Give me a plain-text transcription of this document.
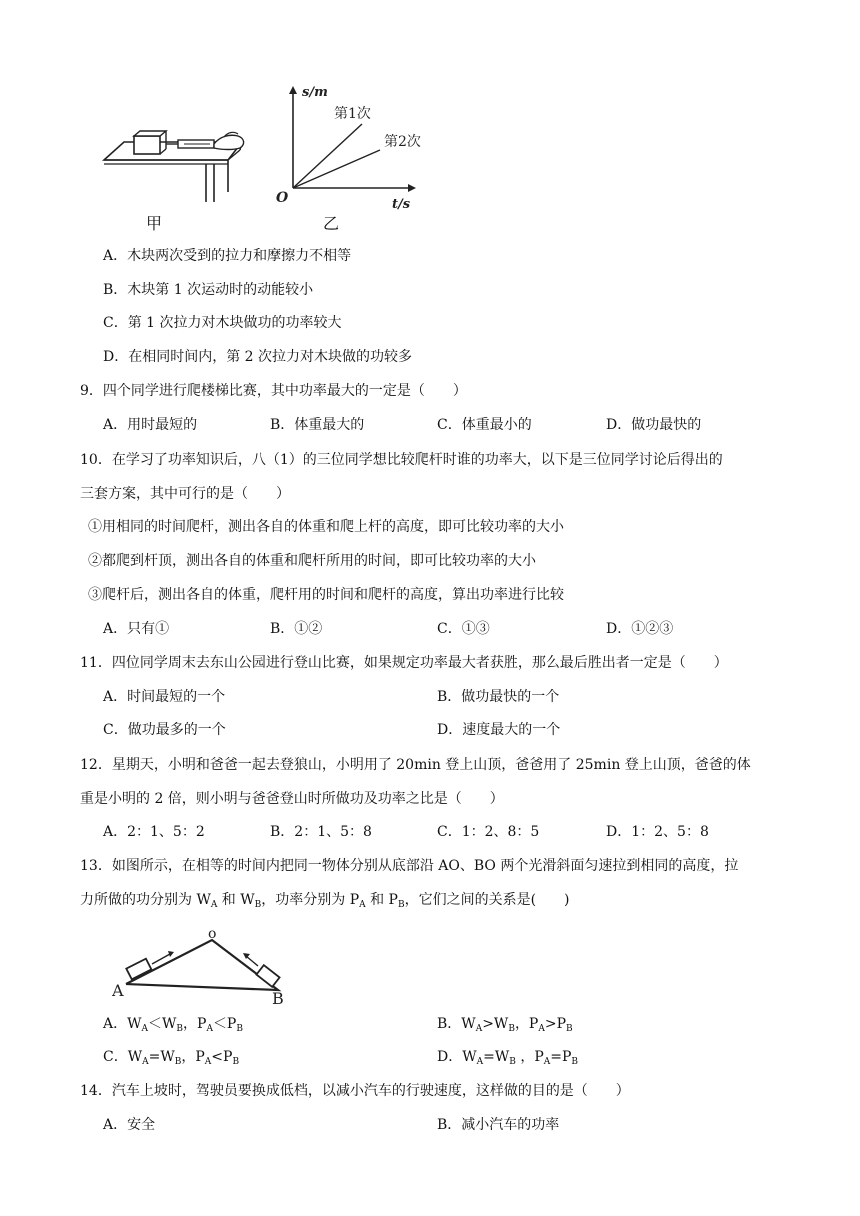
甲
s/m
t/s
O
第1次
第2次
乙
A．木块两次受到的拉力和摩擦力不相等
B．木块第 1 次运动时的动能较小
C．第 1 次拉力对木块做功的功率较大
D．在相同时间内，第 2 次拉力对木块做的功较多
9．四个同学进行爬楼梯比赛，其中功率最大的一定是（　　）
A．用时最短的	B．体重最大的	C．体重最小的	D．做功最快的
10．在学习了功率知识后，八（1）的三位同学想比较爬杆时谁的功率大，以下是三位同学讨论后得出的
三套方案，其中可行的是（　　）
①用相同的时间爬杆，测出各自的体重和爬上杆的高度，即可比较功率的大小
②都爬到杆顶，测出各自的体重和爬杆所用的时间，即可比较功率的大小
③爬杆后，测出各自的体重，爬杆用的时间和爬杆的高度，算出功率进行比较
A．只有①	B．①②	C．①③	D．①②③
11．四位同学周末去东山公园进行登山比赛，如果规定功率最大者获胜，那么最后胜出者一定是（　　）
A．时间最短的一个	B．做功最快的一个
C．做功最多的一个	D．速度最大的一个
12．星期天，小明和爸爸一起去登狼山，小明用了 20min 登上山顶，爸爸用了 25min 登上山顶，爸爸的体
重是小明的 2 倍，则小明与爸爸登山时所做功及功率之比是（　　）
A．2：1、5：2	B．2：1、5：8	C．1：2、8：5	D．1：2、5：8
13．如图所示，在相等的时间内把同一物体分别从底部沿 AO、BO 两个光滑斜面匀速拉到相同的高度，拉
力所做的功分别为 $W_A$ 和 $W_B$，功率分别为 $P_A$ 和 $P_B$，它们之间的关系是(　　)
A	B
o
A．$W_A<W_B$，$P_A<P_B$	B．$W_A>W_B$，$P_A>P_B$
C．$W_A=W_B$，$P_A<P_B$	D．$W_A=W_B$ ，$P_A=P_B$
14．汽车上坡时，驾驶员要换成低档，以减小汽车的行驶速度，这样做的目的是（　　）
A．安全	B．减小汽车的功率
